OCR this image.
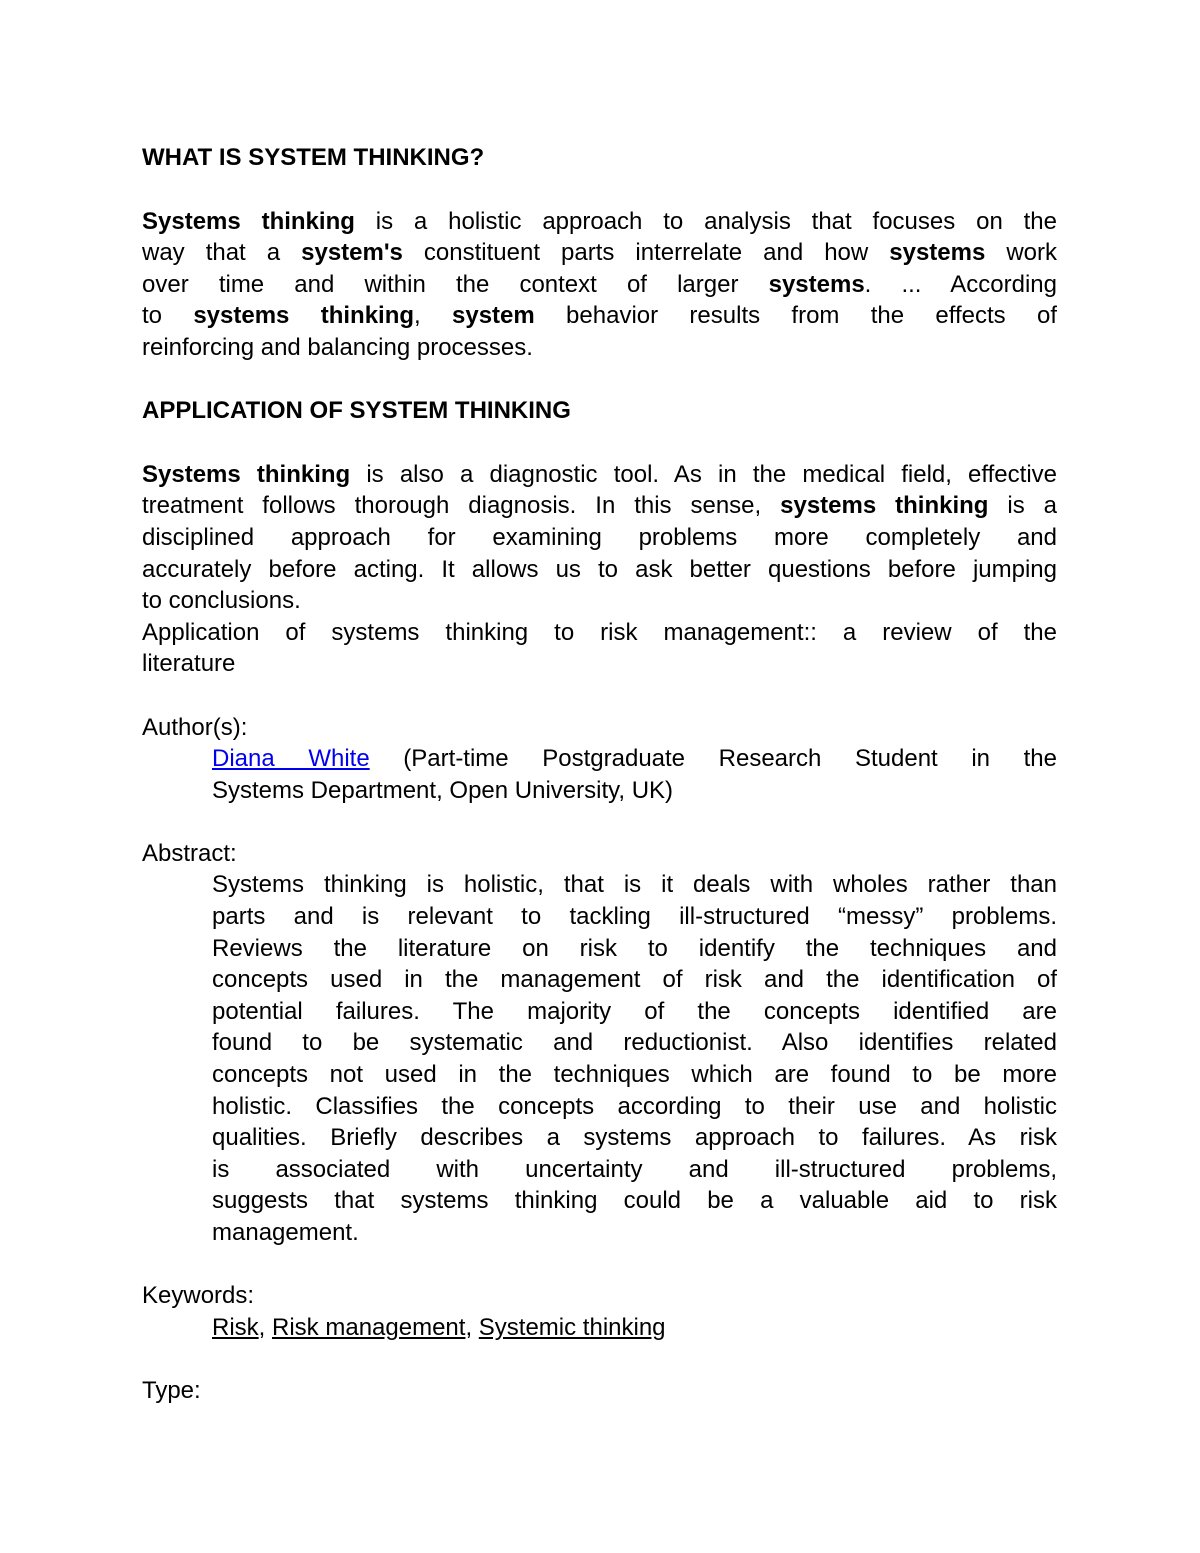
WHAT IS SYSTEM THINKING?

Systems thinking is a holistic approach to analysis that focuses on the

way that a system's constituent parts interrelate and how systems work

over time and within the context of larger systems. ... According

to systems thinking, system behavior results from the effects of

reinforcing and balancing processes.

APPLICATION OF SYSTEM THINKING

Systems thinking is also a diagnostic tool. As in the medical field, effective

treatment follows thorough diagnosis. In this sense, systems thinking is a

disciplined approach for examining problems more completely and

accurately before acting. It allows us to ask better questions before jumping

to conclusions.

Application of systems thinking to risk management:: a review of the

literature

Author(s):

Diana White (Part-time Postgraduate Research Student in the

Systems Department, Open University, UK)

Abstract:

Systems thinking is holistic, that is it deals with wholes rather than

parts and is relevant to tackling ill-structured “messy” problems.

Reviews the literature on risk to identify the techniques and

concepts used in the management of risk and the identification of

potential failures. The majority of the concepts identified are

found to be systematic and reductionist. Also identifies related

concepts not used in the techniques which are found to be more

holistic. Classifies the concepts according to their use and holistic

qualities. Briefly describes a systems approach to failures. As risk

is associated with uncertainty and ill-structured problems,

suggests that systems thinking could be a valuable aid to risk

management.

Keywords:

Risk, Risk management, Systemic thinking

Type:
